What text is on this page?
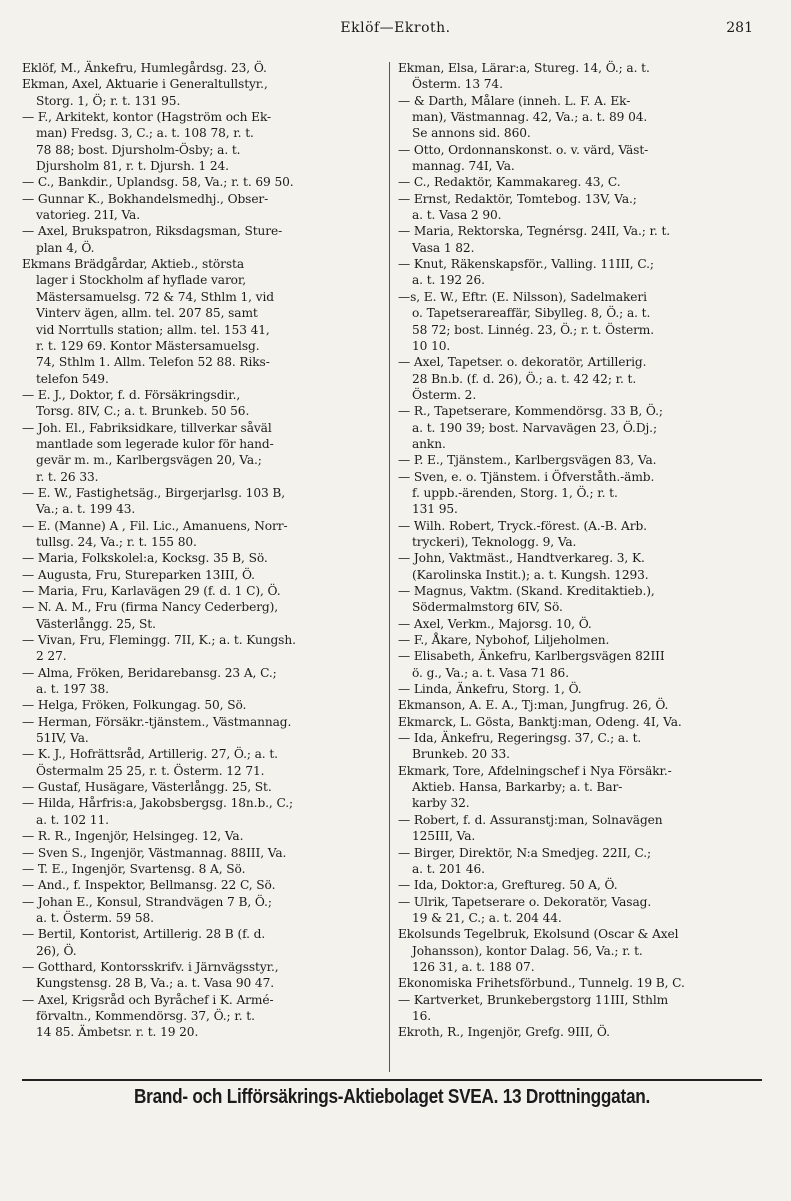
Eklöf—Ekroth.	281
Eklöf, M., Änkefru, Humlegårdsg. 23, Ö.
Ekman, Axel, Aktuarie i Generaltullstyr.,
Storg. 1, Ö; r. t. 131 95.
— F., Arkitekt, kontor (Hagström och Ek-
man) Fredsg. 3, C.; a. t. 108 78, r. t.
78 88; bost. Djursholm-Ösby; a. t.
Djursholm 81, r. t. Djursh. 1 24.
— C., Bankdir., Uplandsg. 58, Va.; r. t. 69 50.
— Gunnar K., Bokhandelsmedhj., Obser-
vatorieg. 21I, Va.
— Axel, Brukspatron, Riksdagsman, Sture-
plan 4, Ö.
Ekmans Brädgårdar, Aktieb., största
lager i Stockholm af hyflade varor,
Mästersamuelsg. 72 & 74, Sthlm 1, vid
Vinterv ägen, allm. tel. 207 85, samt
vid Norrtulls station; allm. tel. 153 41,
r. t. 129 69. Kontor Mästersamuelsg.
74, Sthlm 1. Allm. Telefon 52 88. Riks-
telefon 549.
— E. J., Doktor, f. d. Försäkringsdir.,
Torsg. 8IV, C.; a. t. Brunkeb. 50 56.
— Joh. El., Fabriksidkare, tillverkar såväl
mantlade som legerade kulor för hand-
gevär m. m., Karlbergsvägen 20, Va.;
r. t. 26 33.
— E. W., Fastighetsäg., Birgerjarlsg. 103 B,
Va.; a. t. 199 43.
— E. (Manne) A , Fil. Lic., Amanuens, Norr-
tullsg. 24, Va.; r. t. 155 80.
— Maria, Folkskolel:a, Kocksg. 35 B, Sö.
— Augusta, Fru, Stureparken 13III, Ö.
— Maria, Fru, Karlavägen 29 (f. d. 1 C), Ö.
— N. A. M., Fru (firma Nancy Cederberg),
Västerlångg. 25, St.
— Vivan, Fru, Flemingg. 7II, K.; a. t. Kungsh.
2 27.
— Alma, Fröken, Beridarebansg. 23 A, C.;
a. t. 197 38.
— Helga, Fröken, Folkungag. 50, Sö.
— Herman, Försäkr.-tjänstem., Västmannag.
51IV, Va.
— K. J., Hofrättsråd, Artillerig. 27, Ö.; a. t.
Östermalm 25 25, r. t. Österm. 12 71.
— Gustaf, Husägare, Västerlångg. 25, St.
— Hilda, Hårfris:a, Jakobsbergsg. 18n.b., C.;
a. t. 102 11.
— R. R., Ingenjör, Helsingeg. 12, Va.
— Sven S., Ingenjör, Västmannag. 88III, Va.
— T. E., Ingenjör, Svartensg. 8 A, Sö.
— And., f. Inspektor, Bellmansg. 22 C, Sö.
— Johan E., Konsul, Strandvägen 7 B, Ö.;
a. t. Österm. 59 58.
— Bertil, Kontorist, Artillerig. 28 B (f. d.
26), Ö.
— Gotthard, Kontorsskrifv. i Järnvägsstyr.,
Kungstensg. 28 B, Va.; a. t. Vasa 90 47.
— Axel, Krigsråd och Byråchef i K. Armé-
förvaltn., Kommendörsg. 37, Ö.; r. t.
14 85. Ämbetsr. r. t. 19 20.
Ekman, Elsa, Lärar:a, Stureg. 14, Ö.; a. t.
Österm. 13 74.
— & Darth, Målare (inneh. L. F. A. Ek-
man), Västmannag. 42, Va.; a. t. 89 04.
Se annons sid. 860.
— Otto, Ordonnanskonst. o. v. värd, Väst-
mannag. 74I, Va.
— C., Redaktör, Kammakareg. 43, C.
— Ernst, Redaktör, Tomtebog. 13V, Va.;
a. t. Vasa 2 90.
— Maria, Rektorska, Tegnérsg. 24II, Va.; r. t.
Vasa 1 82.
— Knut, Räkenskapsför., Valling. 11III, C.;
a. t. 192 26.
—s, E. W., Eftr. (E. Nilsson), Sadelmakeri
o. Tapetserareaffär, Sibylleg. 8, Ö.; a. t.
58 72; bost. Linnég. 23, Ö.; r. t. Österm.
10 10.
— Axel, Tapetser. o. dekoratör, Artillerig.
28 Bn.b. (f. d. 26), Ö.; a. t. 42 42; r. t.
Österm. 2.
— R., Tapetserare, Kommendörsg. 33 B, Ö.;
a. t. 190 39; bost. Narvavägen 23, Ö.Dj.;
ankn.
— P. E., Tjänstem., Karlbergsvägen 83, Va.
— Sven, e. o. Tjänstem. i Öfverståth.-ämb.
f. uppb.-ärenden, Storg. 1, Ö.; r. t.
131 95.
— Wilh. Robert, Tryck.-förest. (A.-B. Arb.
tryckeri), Teknologg. 9, Va.
— John, Vaktmäst., Handtverkareg. 3, K.
(Karolinska Instit.); a. t. Kungsh. 1293.
— Magnus, Vaktm. (Skand. Kreditaktieb.),
Södermalmstorg 6IV, Sö.
— Axel, Verkm., Majorsg. 10, Ö.
— F., Åkare, Nybohof, Liljeholmen.
— Elisabeth, Änkefru, Karlbergsvägen 82III
ö. g., Va.; a. t. Vasa 71 86.
— Linda, Änkefru, Storg. 1, Ö.
Ekmanson, A. E. A., Tj:man, Jungfrug. 26, Ö.
Ekmarck, L. Gösta, Banktj:man, Odeng. 4I, Va.
— Ida, Änkefru, Regeringsg. 37, C.; a. t.
Brunkeb. 20 33.
Ekmark, Tore, Afdelningschef i Nya Försäkr.-
Aktieb. Hansa, Barkarby; a. t. Bar-
karby 32.
— Robert, f. d. Assuranstj:man, Solnavägen
125III, Va.
— Birger, Direktör, N:a Smedjeg. 22II, C.;
a. t. 201 46.
— Ida, Doktor:a, Greftureg. 50 A, Ö.
— Ulrik, Tapetserare o. Dekoratör, Vasag.
19 & 21, C.; a. t. 204 44.
Ekolsunds Tegelbruk, Ekolsund (Oscar & Axel
Johansson), kontor Dalag. 56, Va.; r. t.
126 31, a. t. 188 07.
Ekonomiska Frihetsförbund., Tunnelg. 19 B, C.
— Kartverket, Brunkebergstorg 11III, Sthlm
16.
Ekroth, R., Ingenjör, Grefg. 9III, Ö.
Brand- och Lifförsäkrings-Aktiebolaget SVEA. 13 Drottninggatan.
